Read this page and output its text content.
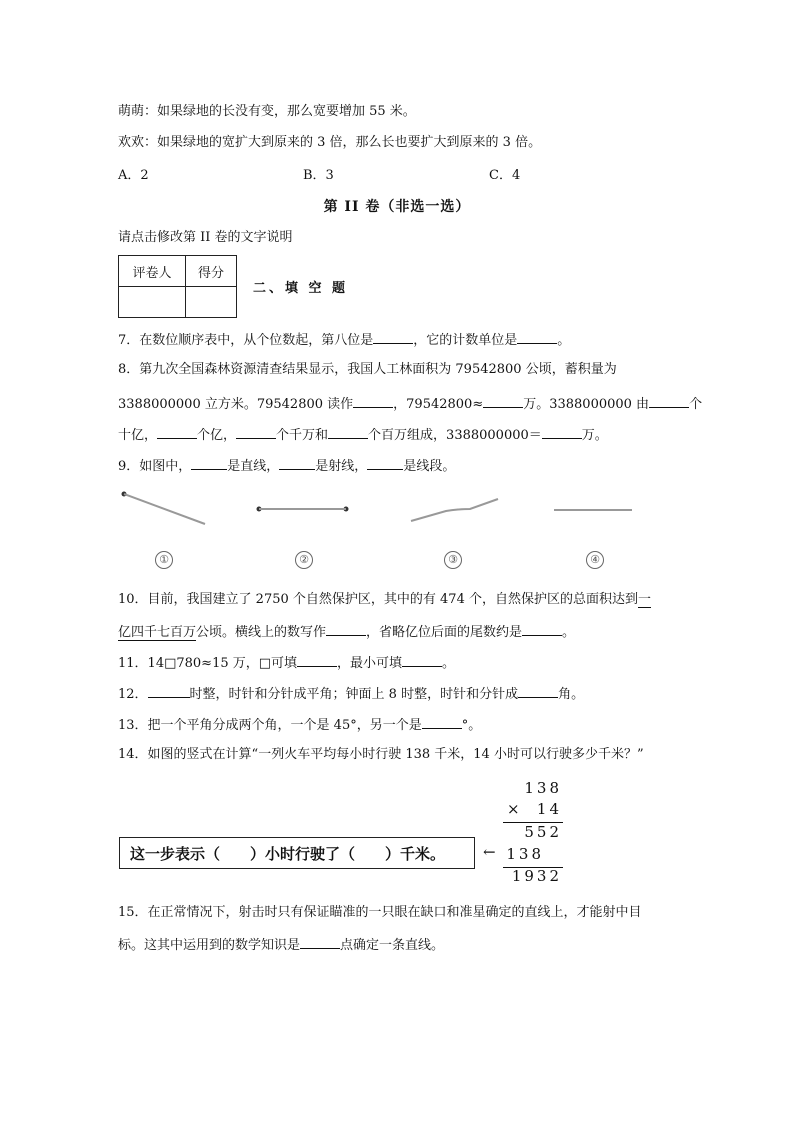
萌萌：如果绿地的长没有变，那么宽要增加 55 米。
欢欢：如果绿地的宽扩大到原来的 3 倍，那么长也要扩大到原来的 3 倍。
A．2	B．3	C．4
第 II 卷（非选一选）
请点击修改第 II 卷的文字说明
评卷人	得分

二、填 空 题
7．在数位顺序表中，从个位数起，第八位是	，它的计数单位是	。
8．第九次全国森林资源清查结果显示，我国人工林面积为 79542800 公顷，蓄积量为
3388000000 立方米。79542800 读作	，79542800≈	万。3388000000 由	个
十亿，	个亿，	个千万和	个百万组成，3388000000＝	万。
9．如图中，	是直线，	是射线，	是线段。
①	②	③	④
10．目前，我国建立了 2750 个自然保护区，其中的有 474 个，自然保护区的总面积达到一
亿四千七百万公顷。横线上的数写作	，省略亿位后面的尾数约是	。
11．14□780≈15 万，□可填	，最小可填	。
12．	时整，时针和分针成平角；钟面上 8 时整，时针和分针成	角。
13．把一个平角分成两个角，一个是 45°，另一个是	°。
14．如图的竖式在计算“一列火车平均每小时行驶 138 千米，14 小时可以行驶多少千米？”
138
×	14
552
138
1932
这一步表示（　　）小时行驶了（　　）千米。	←
15．在正常情况下，射击时只有保证瞄准的一只眼在缺口和准星确定的直线上，才能射中目
标。这其中运用到的数学知识是	点确定一条直线。
